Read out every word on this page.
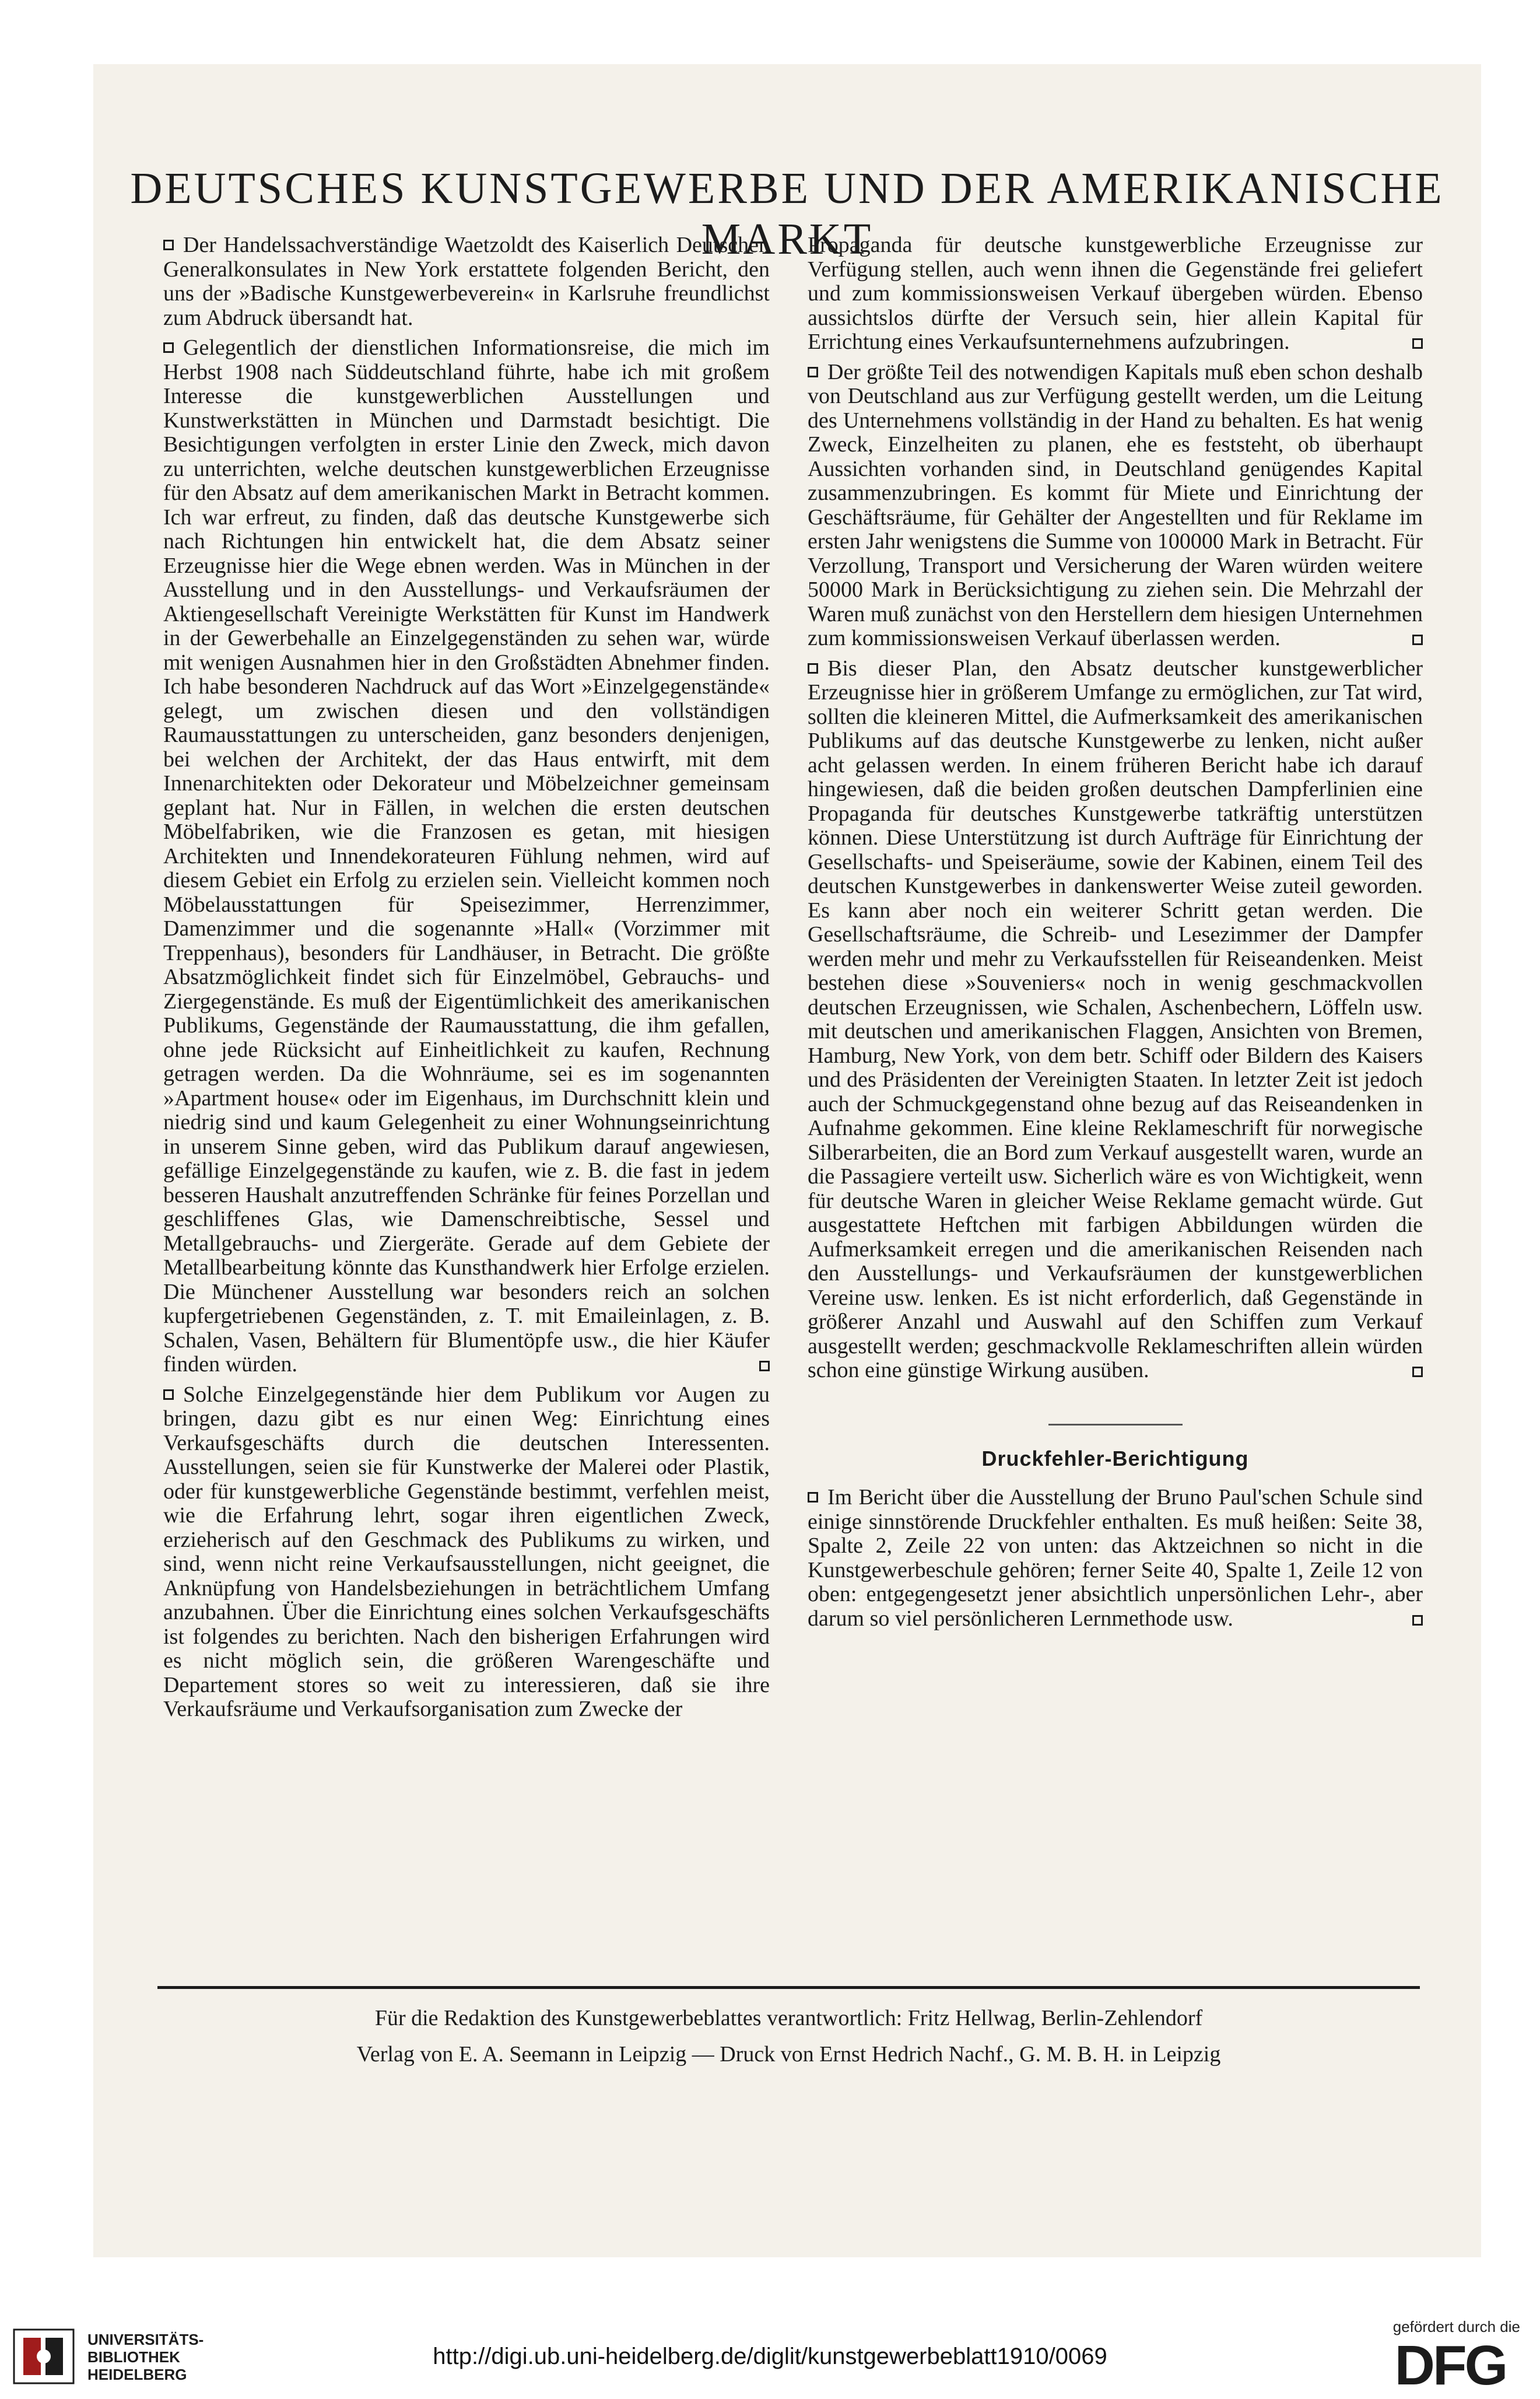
DEUTSCHES KUNSTGEWERBE UND DER AMERIKANISCHE MARKT

Der Handelssachverständige Waetzoldt des Kaiserlich Deutschen Generalkonsulates in New York erstattete folgenden Bericht, den uns der »Badische Kunstgewerbeverein« in Karlsruhe freundlichst zum Abdruck übersandt hat.

Gelegentlich der dienstlichen Informationsreise, die mich im Herbst 1908 nach Süddeutschland führte, habe ich mit großem Interesse die kunstgewerblichen Ausstellungen und Kunstwerkstätten in München und Darmstadt besichtigt. Die Besichtigungen verfolgten in erster Linie den Zweck, mich davon zu unterrichten, welche deutschen kunstgewerblichen Erzeugnisse für den Absatz auf dem amerikanischen Markt in Betracht kommen. Ich war erfreut, zu finden, daß das deutsche Kunstgewerbe sich nach Richtungen hin entwickelt hat, die dem Absatz seiner Erzeugnisse hier die Wege ebnen werden. Was in München in der Ausstellung und in den Ausstellungs- und Verkaufsräumen der Aktiengesellschaft Vereinigte Werkstätten für Kunst im Handwerk in der Gewerbehalle an Einzelgegenständen zu sehen war, würde mit wenigen Ausnahmen hier in den Großstädten Abnehmer finden. Ich habe besonderen Nachdruck auf das Wort »Einzelgegenstände« gelegt, um zwischen diesen und den vollständigen Raumausstattungen zu unterscheiden, ganz besonders denjenigen, bei welchen der Architekt, der das Haus entwirft, mit dem Innenarchitekten oder Dekorateur und Möbelzeichner gemeinsam geplant hat. Nur in Fällen, in welchen die ersten deutschen Möbelfabriken, wie die Franzosen es getan, mit hiesigen Architekten und Innendekorateuren Fühlung nehmen, wird auf diesem Gebiet ein Erfolg zu erzielen sein. Vielleicht kommen noch Möbelausstattungen für Speisezimmer, Herrenzimmer, Damenzimmer und die sogenannte »Hall« (Vorzimmer mit Treppenhaus), besonders für Landhäuser, in Betracht. Die größte Absatzmöglichkeit findet sich für Einzelmöbel, Gebrauchs- und Ziergegenstände. Es muß der Eigentümlichkeit des amerikanischen Publikums, Gegenstände der Raumausstattung, die ihm gefallen, ohne jede Rücksicht auf Einheitlichkeit zu kaufen, Rechnung getragen werden. Da die Wohnräume, sei es im sogenannten »Apartment house« oder im Eigenhaus, im Durchschnitt klein und niedrig sind und kaum Gelegenheit zu einer Wohnungseinrichtung in unserem Sinne geben, wird das Publikum darauf angewiesen, gefällige Einzelgegenstände zu kaufen, wie z. B. die fast in jedem besseren Haushalt anzutreffenden Schränke für feines Porzellan und geschliffenes Glas, wie Damenschreibtische, Sessel und Metallgebrauchs- und Ziergeräte. Gerade auf dem Gebiete der Metallbearbeitung könnte das Kunsthandwerk hier Erfolge erzielen. Die Münchener Ausstellung war besonders reich an solchen kupfergetriebenen Gegenständen, z. T. mit Emaileinlagen, z. B. Schalen, Vasen, Behältern für Blumentöpfe usw., die hier Käufer finden würden.

Solche Einzelgegenstände hier dem Publikum vor Augen zu bringen, dazu gibt es nur einen Weg: Einrichtung eines Verkaufsgeschäfts durch die deutschen Interessenten. Ausstellungen, seien sie für Kunstwerke der Malerei oder Plastik, oder für kunstgewerbliche Gegenstände bestimmt, verfehlen meist, wie die Erfahrung lehrt, sogar ihren eigentlichen Zweck, erzieherisch auf den Geschmack des Publikums zu wirken, und sind, wenn nicht reine Verkaufsausstellungen, nicht geeignet, die Anknüpfung von Handelsbeziehungen in beträchtlichem Umfang anzubahnen. Über die Einrichtung eines solchen Verkaufsgeschäfts ist folgendes zu berichten. Nach den bisherigen Erfahrungen wird es nicht möglich sein, die größeren Warengeschäfte und Departement stores so weit zu interessieren, daß sie ihre Verkaufsräume und Verkaufsorganisation zum Zwecke der

Propaganda für deutsche kunstgewerbliche Erzeugnisse zur Verfügung stellen, auch wenn ihnen die Gegenstände frei geliefert und zum kommissionsweisen Verkauf übergeben würden. Ebenso aussichtslos dürfte der Versuch sein, hier allein Kapital für Errichtung eines Verkaufsunternehmens aufzubringen.

Der größte Teil des notwendigen Kapitals muß eben schon deshalb von Deutschland aus zur Verfügung gestellt werden, um die Leitung des Unternehmens vollständig in der Hand zu behalten. Es hat wenig Zweck, Einzelheiten zu planen, ehe es feststeht, ob überhaupt Aussichten vorhanden sind, in Deutschland genügendes Kapital zusammenzubringen. Es kommt für Miete und Einrichtung der Geschäftsräume, für Gehälter der Angestellten und für Reklame im ersten Jahr wenigstens die Summe von 100000 Mark in Betracht. Für Verzollung, Transport und Versicherung der Waren würden weitere 50000 Mark in Berücksichtigung zu ziehen sein. Die Mehrzahl der Waren muß zunächst von den Herstellern dem hiesigen Unternehmen zum kommissionsweisen Verkauf überlassen werden.

Bis dieser Plan, den Absatz deutscher kunstgewerblicher Erzeugnisse hier in größerem Umfange zu ermöglichen, zur Tat wird, sollten die kleineren Mittel, die Aufmerksamkeit des amerikanischen Publikums auf das deutsche Kunstgewerbe zu lenken, nicht außer acht gelassen werden. In einem früheren Bericht habe ich darauf hingewiesen, daß die beiden großen deutschen Dampferlinien eine Propaganda für deutsches Kunstgewerbe tatkräftig unterstützen können. Diese Unterstützung ist durch Aufträge für Einrichtung der Gesellschafts- und Speiseräume, sowie der Kabinen, einem Teil des deutschen Kunstgewerbes in dankenswerter Weise zuteil geworden. Es kann aber noch ein weiterer Schritt getan werden. Die Gesellschaftsräume, die Schreib- und Lesezimmer der Dampfer werden mehr und mehr zu Verkaufsstellen für Reiseandenken. Meist bestehen diese »Souveniers« noch in wenig geschmackvollen deutschen Erzeugnissen, wie Schalen, Aschenbechern, Löffeln usw. mit deutschen und amerikanischen Flaggen, Ansichten von Bremen, Hamburg, New York, von dem betr. Schiff oder Bildern des Kaisers und des Präsidenten der Vereinigten Staaten. In letzter Zeit ist jedoch auch der Schmuckgegenstand ohne bezug auf das Reiseandenken in Aufnahme gekommen. Eine kleine Reklameschrift für norwegische Silberarbeiten, die an Bord zum Verkauf ausgestellt waren, wurde an die Passagiere verteilt usw. Sicherlich wäre es von Wichtigkeit, wenn für deutsche Waren in gleicher Weise Reklame gemacht würde. Gut ausgestattete Heftchen mit farbigen Abbildungen würden die Aufmerksamkeit erregen und die amerikanischen Reisenden nach den Ausstellungs- und Verkaufsräumen der kunstgewerblichen Vereine usw. lenken. Es ist nicht erforderlich, daß Gegenstände in größerer Anzahl und Auswahl auf den Schiffen zum Verkauf ausgestellt werden; geschmackvolle Reklameschriften allein würden schon eine günstige Wirkung ausüben.

Druckfehler-Berichtigung

Im Bericht über die Ausstellung der Bruno Paul'schen Schule sind einige sinnstörende Druckfehler enthalten. Es muß heißen: Seite 38, Spalte 2, Zeile 22 von unten: das Aktzeichnen so nicht in die Kunstgewerbeschule gehören; ferner Seite 40, Spalte 1, Zeile 12 von oben: entgegengesetzt jener absichtlich unpersönlichen Lehr-, aber darum so viel persönlicheren Lernmethode usw.

Für die Redaktion des Kunstgewerbeblattes verantwortlich: Fritz Hellwag, Berlin-Zehlendorf
Verlag von E. A. Seemann in Leipzig — Druck von Ernst Hedrich Nachf., G. M. B. H. in Leipzig
UNIVERSITÄTS-
BIBLIOTHEK
HEIDELBERG
http://digi.ub.uni-heidelberg.de/diglit/kunstgewerbeblatt1910/0069
gefördert durch die
DFG
